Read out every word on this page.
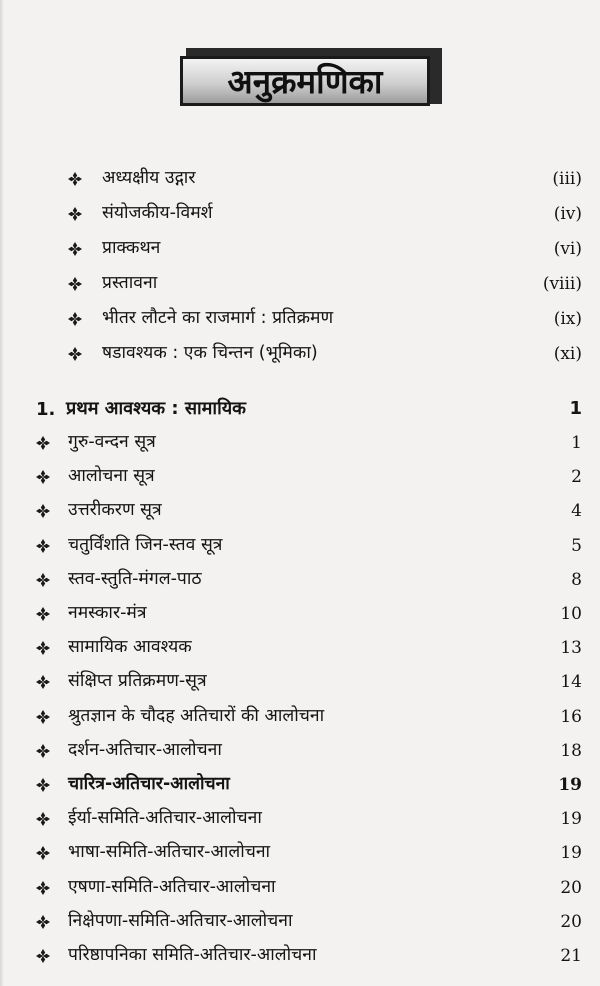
अनुक्रमणिका
अध्यक्षीय उद्गार	(iii)
संयोजकीय-विमर्श	(iv)
प्राक्कथन	(vi)
प्रस्तावना	(viii)
भीतर लौटने का राजमार्ग : प्रतिक्रमण	(ix)
षडावश्यक : एक चिन्तन (भूमिका)	(xi)
1. प्रथम आवश्यक : सामायिक	1
गुरु-वन्दन सूत्र	1
आलोचना सूत्र	2
उत्तरीकरण सूत्र	4
चतुर्विंशति जिन-स्तव सूत्र	5
स्तव-स्तुति-मंगल-पाठ	8
नमस्कार-मंत्र	10
सामायिक आवश्यक	13
संक्षिप्त प्रतिक्रमण-सूत्र	14
श्रुतज्ञान के चौदह अतिचारों की आलोचना	16
दर्शन-अतिचार-आलोचना	18
चारित्र-अतिचार-आलोचना	19
ईर्या-समिति-अतिचार-आलोचना	19
भाषा-समिति-अतिचार-आलोचना	19
एषणा-समिति-अतिचार-आलोचना	20
निक्षेपणा-समिति-अतिचार-आलोचना	20
परिष्ठापनिका समिति-अतिचार-आलोचना	21
